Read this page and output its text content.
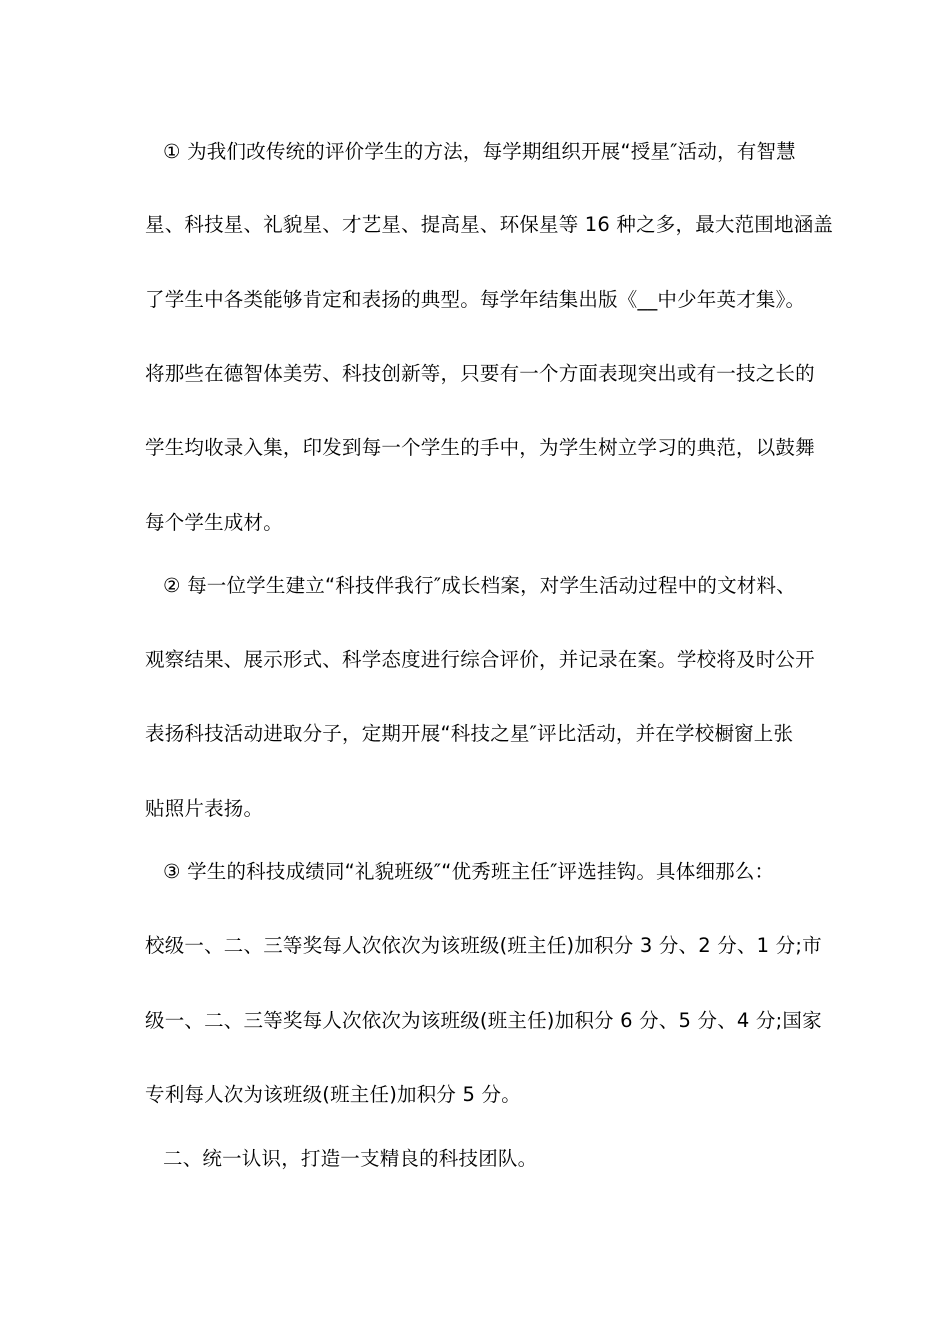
① 为我们改传统的评价学生的方法，每学期组织开展“授星″活动，有智慧
星、科技星、礼貌星、才艺星、提高星、环保星等 16 种之多，最大范围地涵盖
了学生中各类能够肯定和表扬的典型。每学年结集出版《__中少年英才集》。
将那些在德智体美劳、科技创新等，只要有一个方面表现突出或有一技之长的
学生均收录入集，印发到每一个学生的手中，为学生树立学习的典范，以鼓舞
每个学生成材。
② 每一位学生建立“科技伴我行″成长档案，对学生活动过程中的文材料、
观察结果、展示形式、科学态度进行综合评价，并记录在案。学校将及时公开
表扬科技活动进取分子，定期开展“科技之星″评比活动，并在学校橱窗上张
贴照片表扬。
③ 学生的科技成绩同“礼貌班级″“优秀班主任″评选挂钩。具体细那么：
校级一、二、三等奖每人次依次为该班级(班主任)加积分 3 分、2 分、1 分;市
级一、二、三等奖每人次依次为该班级(班主任)加积分 6 分、5 分、4 分;国家
专利每人次为该班级(班主任)加积分 5 分。
二、统一认识，打造一支精良的科技团队。
